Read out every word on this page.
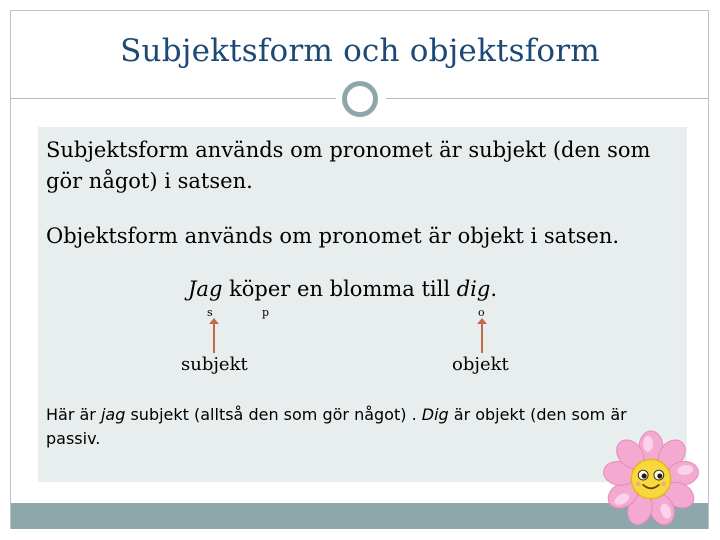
Subjektsform och objektsform
Subjektsform används om pronomet är subjekt (den som gör något) i satsen.
Objektsform används om pronomet är objekt i satsen.
Jag köper en blomma till dig.
s	p	o
subjekt	objekt
Här är jag subjekt (alltså den som gör något) . Dig är objekt (den som är passiv.
